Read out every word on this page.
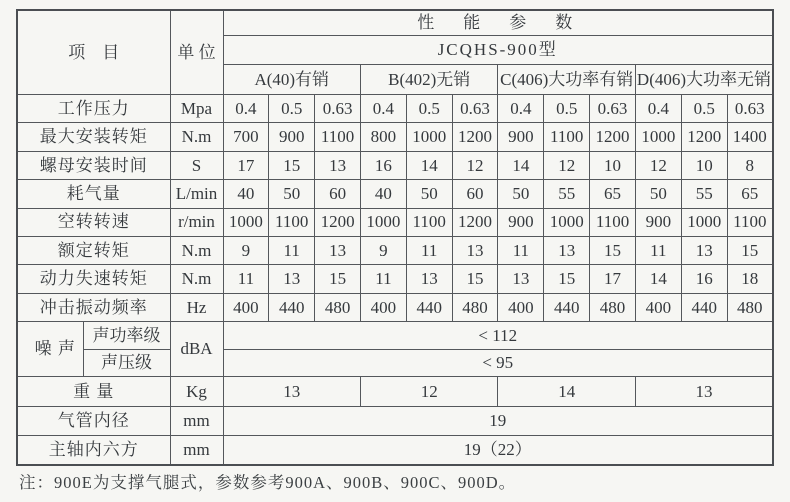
项　目		单 位	性　能　参　数											
			JCQHS-900型											
			A(40)有销			B(402)无销			C(406)大功率有销			D(406)大功率无销		
工作压力		Mpa	0.4	0.5	0.63	0.4	0.5	0.63	0.4	0.5	0.63	0.4	0.5	0.63
最大安装转矩		N.m	700	900	1100	800	1000	1200	900	1100	1200	1000	1200	1400
螺母安装时间		S	17	15	13	16	14	12	14	12	10	12	10	8
耗气量		L/min	40	50	60	40	50	60	50	55	65	50	55	65
空转转速		r/min	1000	1100	1200	1000	1100	1200	900	1000	1100	900	1000	1100
额定转矩		N.m	9	11	13	9	11	13	11	13	15	11	13	15
动力失速转矩		N.m	11	13	15	11	13	15	13	15	17	14	16	18
冲击振动频率		Hz	400	440	480	400	440	480	400	440	480	400	440	480
噪 声	声功率级	dBA	< 112											
	声压级		< 95											
重 量		Kg	13			12			14			13		
气管内径		mm	19											
主轴内六方		mm	19（22）											
注：900E为支撑气腿式，参数参考900A、900B、900C、900D。
